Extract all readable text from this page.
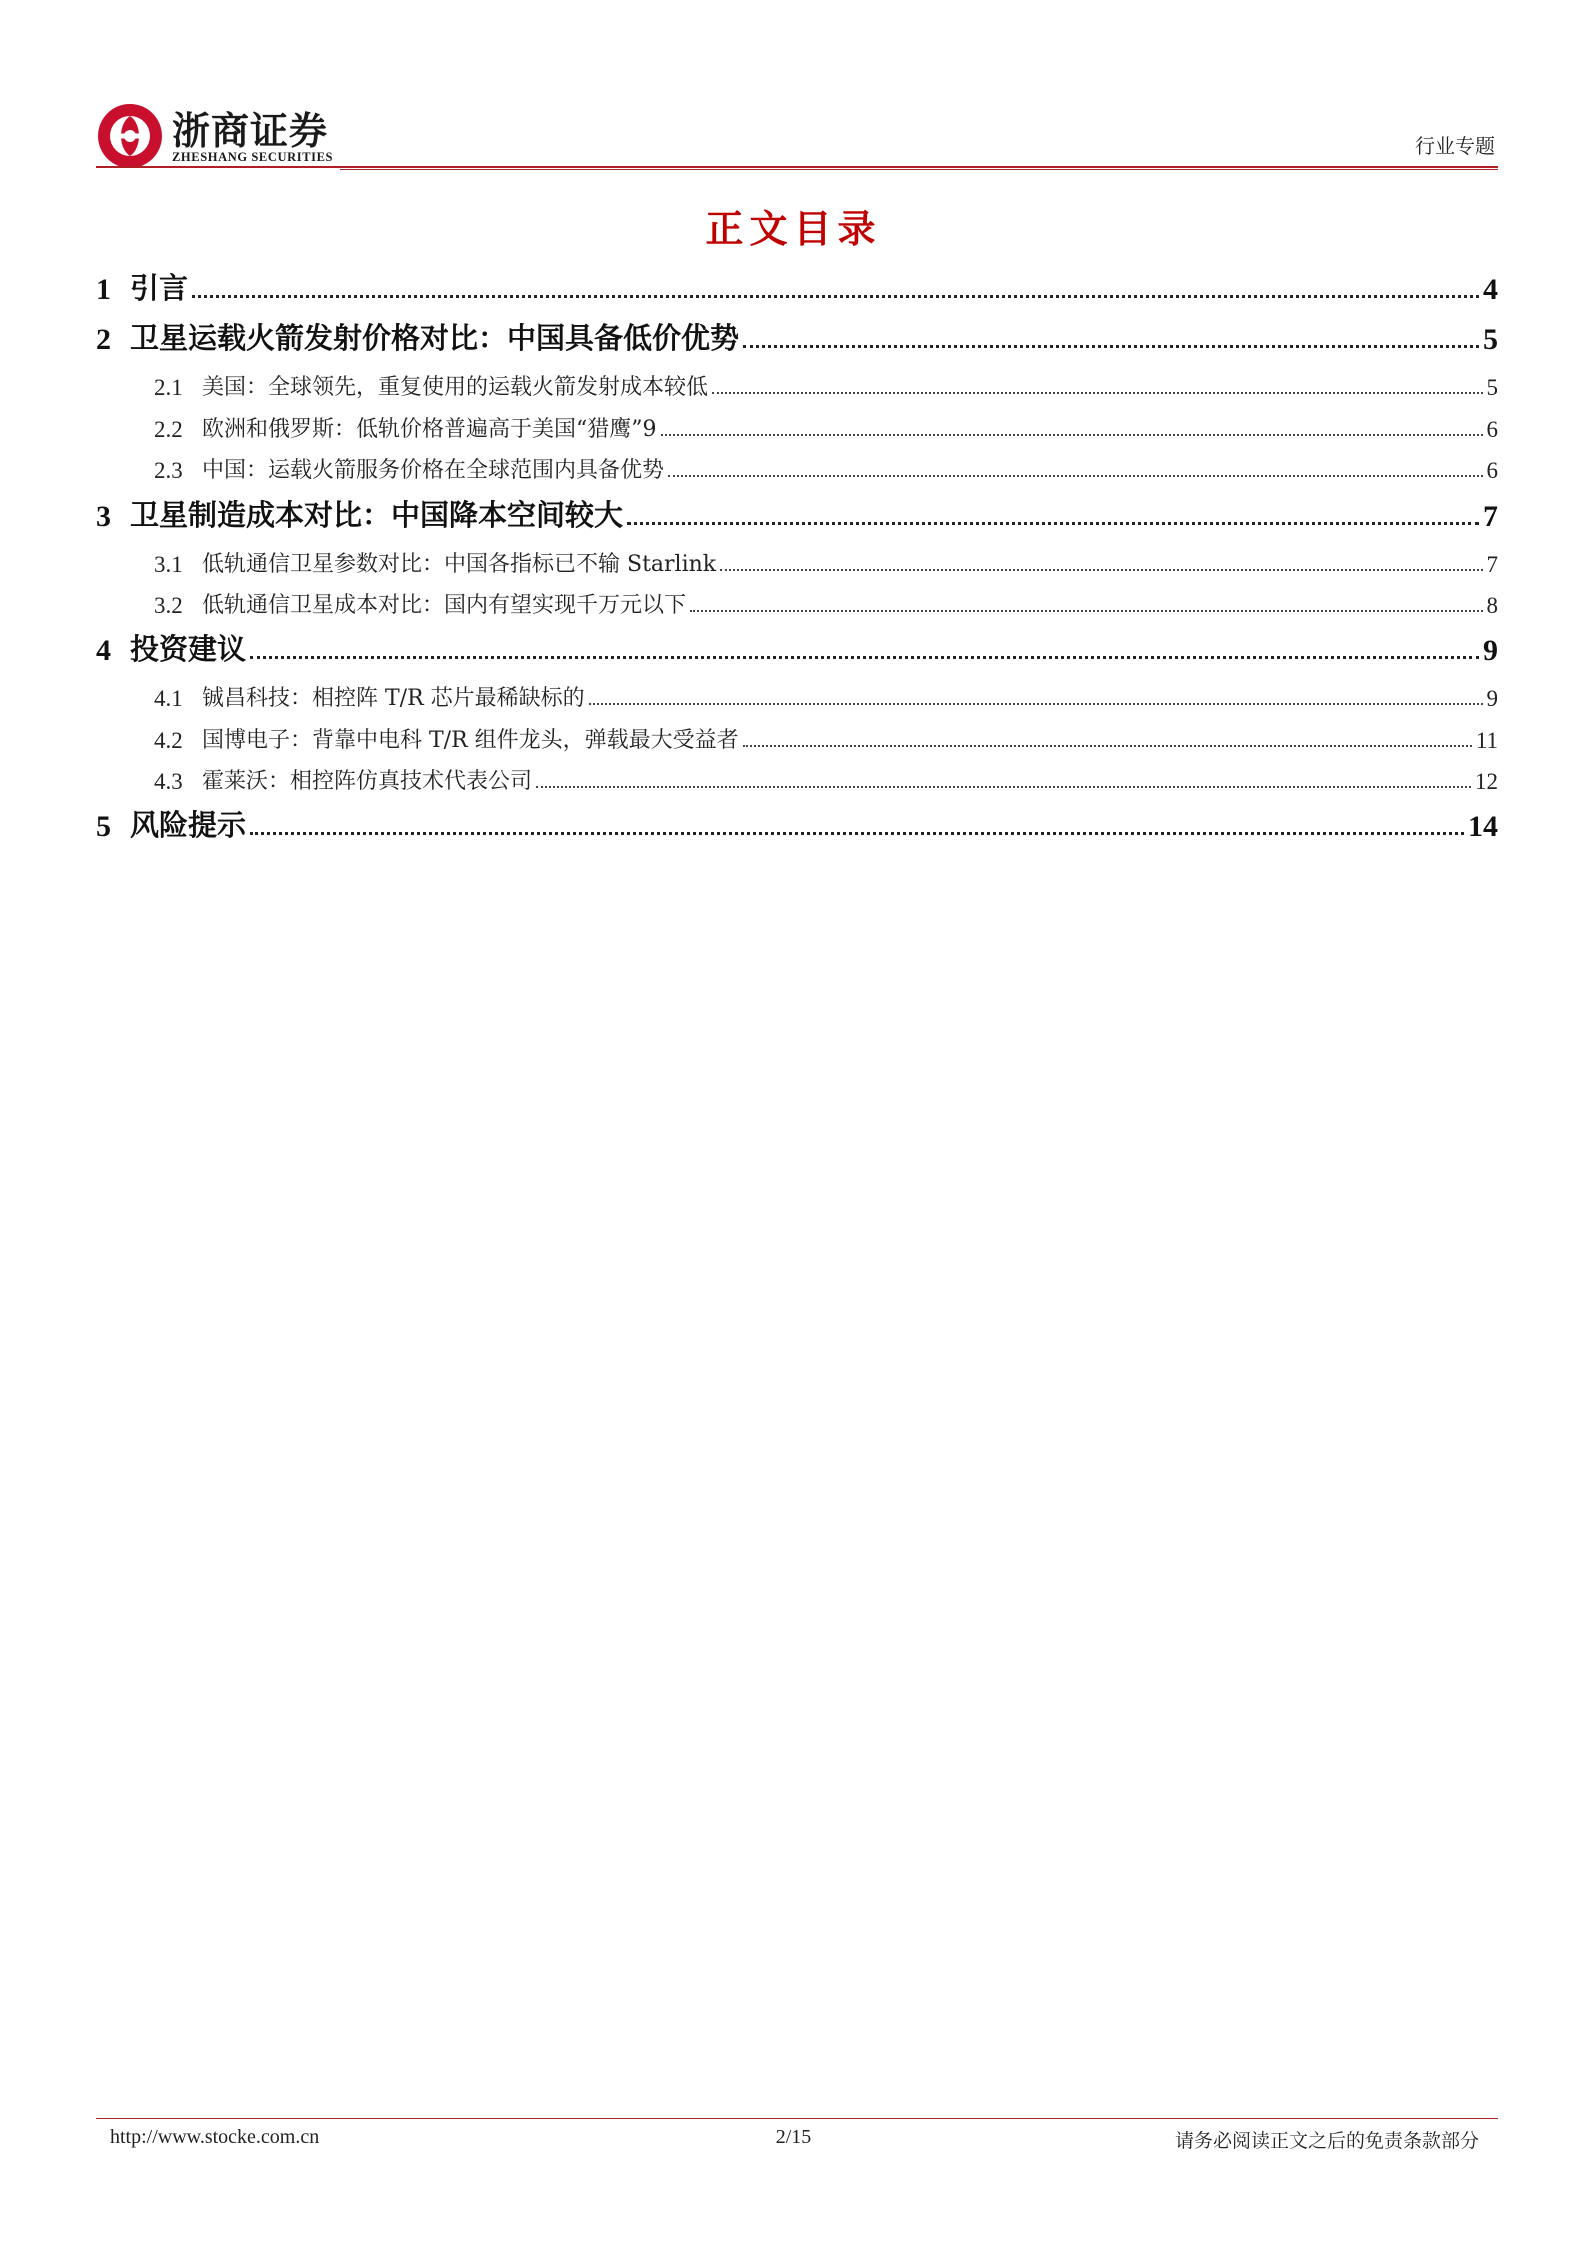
浙商证券
ZHESHANG SECURITIES	行业专题
正文目录
1 引言	4
2 卫星运载火箭发射价格对比：中国具备低价优势	5
2.1 美国：全球领先，重复使用的运载火箭发射成本较低	5
2.2 欧洲和俄罗斯：低轨价格普遍高于美国“猎鹰”9	6
2.3 中国：运载火箭服务价格在全球范围内具备优势	6
3 卫星制造成本对比：中国降本空间较大	7
3.1 低轨通信卫星参数对比：中国各指标已不输 Starlink	7
3.2 低轨通信卫星成本对比：国内有望实现千万元以下	8
4 投资建议	9
4.1 铖昌科技：相控阵 T/R 芯片最稀缺标的	9
4.2 国博电子：背靠中电科 T/R 组件龙头，弹载最大受益者	11
4.3 霍莱沃：相控阵仿真技术代表公司	12
5 风险提示	14
http://www.stocke.com.cn	2/15	请务必阅读正文之后的免责条款部分
